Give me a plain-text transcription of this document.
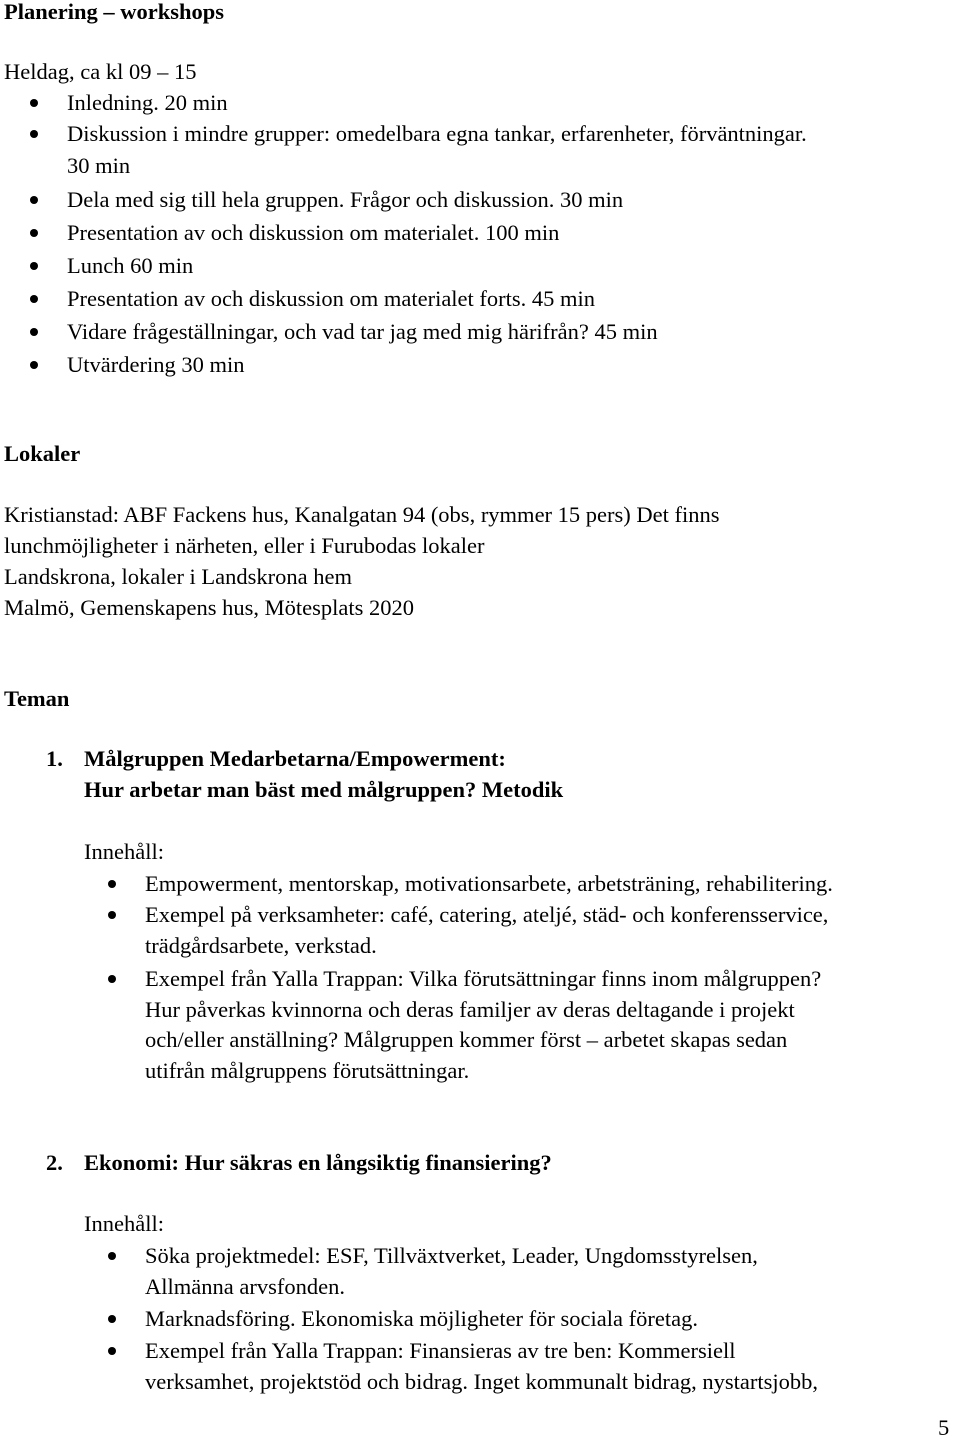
Planering – workshops
Heldag, ca kl 09 – 15
Inledning. 20 min
Diskussion i mindre grupper: omedelbara egna tankar, erfarenheter, förväntningar.
30 min
Dela med sig till hela gruppen. Frågor och diskussion. 30 min
Presentation av och diskussion om materialet. 100 min
Lunch 60 min
Presentation av och diskussion om materialet forts. 45 min
Vidare frågeställningar, och vad tar jag med mig härifrån? 45 min
Utvärdering 30 min
Lokaler
Kristianstad: ABF Fackens hus, Kanalgatan 94 (obs, rymmer 15 pers) Det finns
lunchmöjligheter i närheten, eller i Furubodas lokaler
Landskrona, lokaler i Landskrona hem
Malmö, Gemenskapens hus, Mötesplats 2020
Teman
1. Målgruppen Medarbetarna/Empowerment:
Hur arbetar man bäst med målgruppen? Metodik
Innehåll:
Empowerment, mentorskap, motivationsarbete, arbetsträning, rehabilitering.
Exempel på verksamheter: café, catering, ateljé, städ- och konferensservice,
trädgårdsarbete, verkstad.
Exempel från Yalla Trappan: Vilka förutsättningar finns inom målgruppen?
Hur påverkas kvinnorna och deras familjer av deras deltagande i projekt
och/eller anställning? Målgruppen kommer först – arbetet skapas sedan
utifrån målgruppens förutsättningar.
2. Ekonomi: Hur säkras en långsiktig finansiering?
Innehåll:
Söka projektmedel: ESF, Tillväxtverket, Leader, Ungdomsstyrelsen,
Allmänna arvsfonden.
Marknadsföring. Ekonomiska möjligheter för sociala företag.
Exempel från Yalla Trappan: Finansieras av tre ben: Kommersiell
verksamhet, projektstöd och bidrag. Inget kommunalt bidrag, nystartsjobb,
5
